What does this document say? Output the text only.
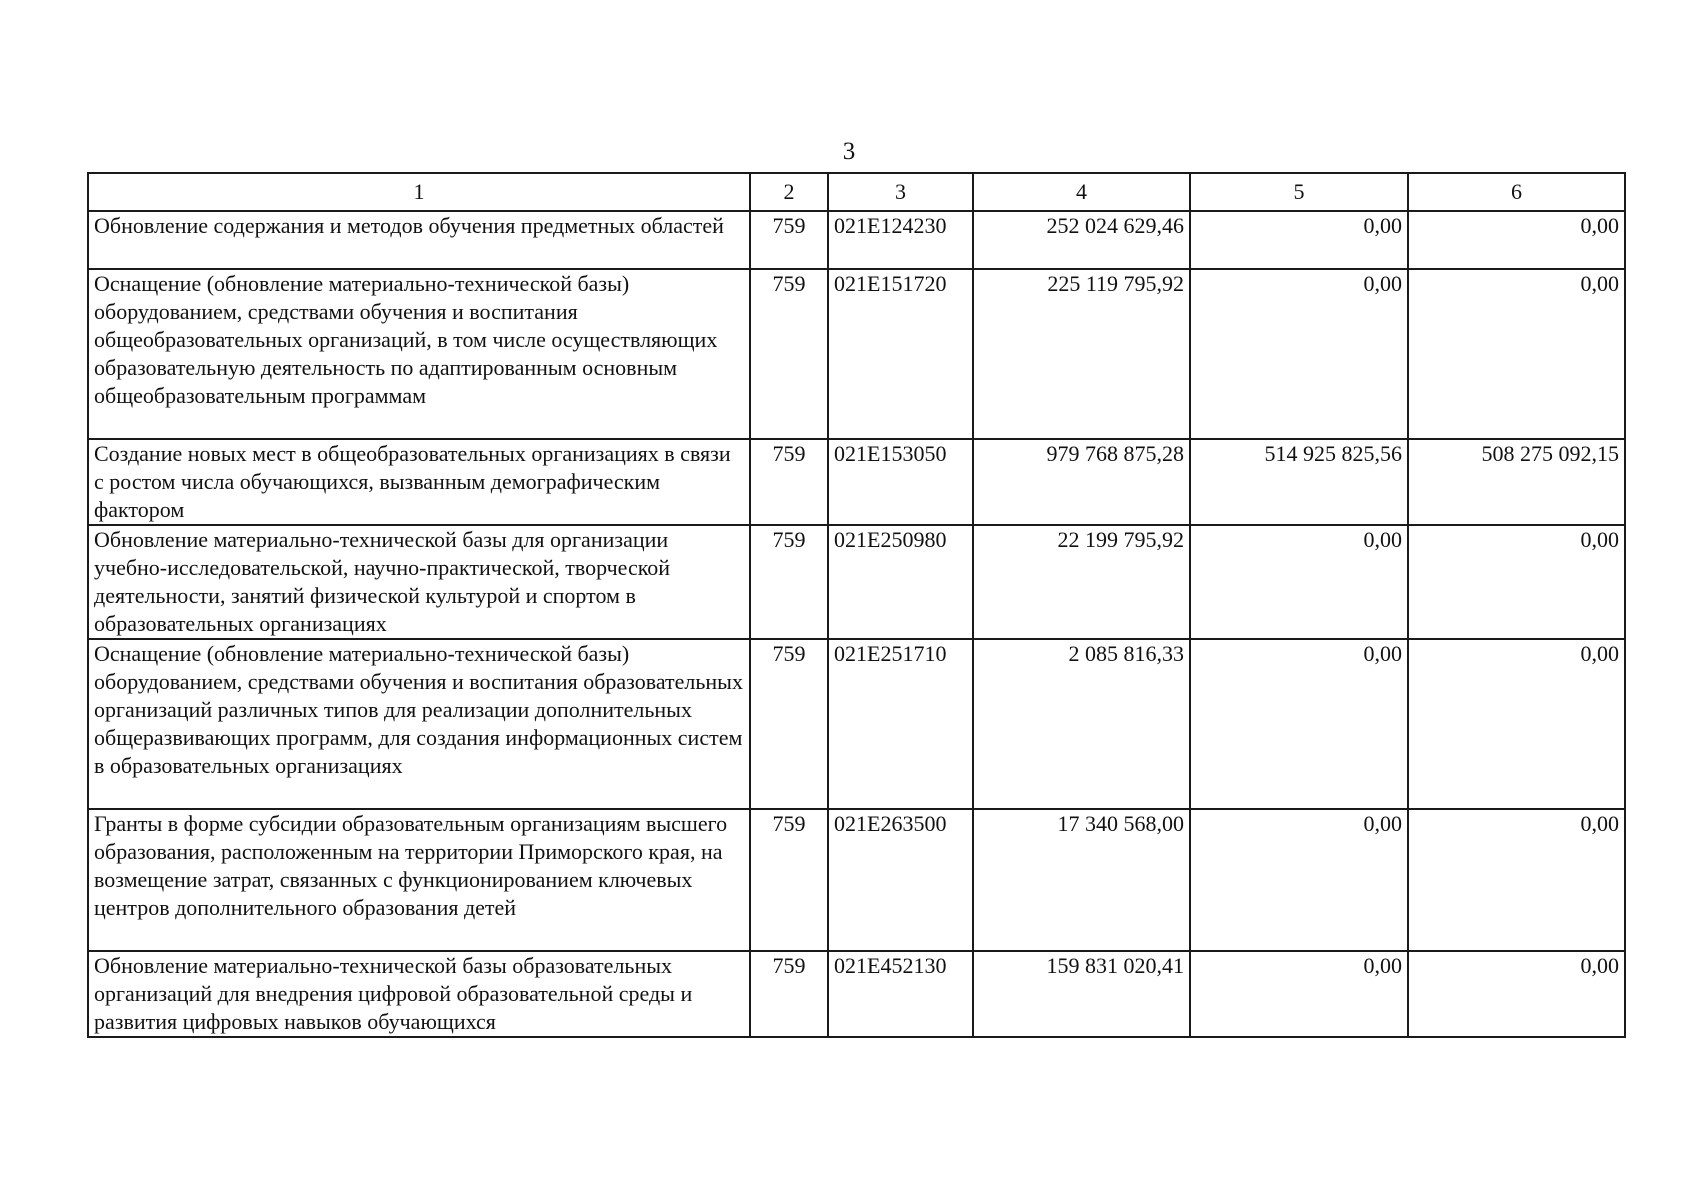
3
1	2	3	4	5	6
Обновление содержания и методов обучения предметных областей	759	021E124230	252 024 629,46	0,00	0,00
Оснащение (обновление материально-технической базы) оборудованием, средствами обучения и воспитания общеобразовательных организаций, в том числе осуществляющих образовательную деятельность по адаптированным основным общеобразовательным программам	759	021E151720	225 119 795,92	0,00	0,00
Создание новых мест в общеобразовательных организациях в связи с ростом числа обучающихся, вызванным демографическим фактором	759	021E153050	979 768 875,28	514 925 825,56	508 275 092,15
Обновление материально-технической базы для организации учебно-исследовательской, научно-практической, творческой деятельности, занятий физической культурой и спортом в образовательных организациях	759	021E250980	22 199 795,92	0,00	0,00
Оснащение (обновление материально-технической базы) оборудованием, средствами обучения и воспитания образовательных организаций различных типов для реализации дополнительных общеразвивающих программ, для создания информационных систем в образовательных организациях	759	021E251710	2 085 816,33	0,00	0,00
Гранты в форме субсидии образовательным организациям высшего образования, расположенным на территории Приморского края, на возмещение затрат, связанных с функционированием ключевых центров дополнительного образования детей	759	021E263500	17 340 568,00	0,00	0,00
Обновление материально-технической базы образовательных организаций для внедрения цифровой образовательной среды и развития цифровых навыков обучающихся	759	021E452130	159 831 020,41	0,00	0,00
